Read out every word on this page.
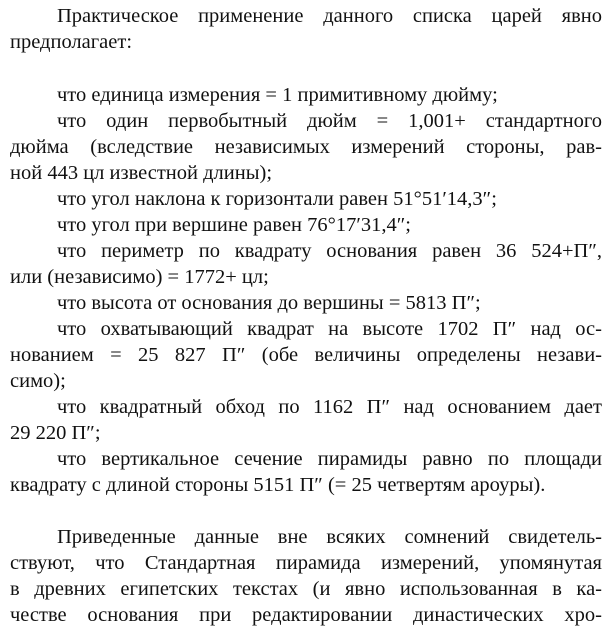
Практическое применение данного списка царей явно
предполагает:
что единица измерения = 1 примитивному дюйму;
что один первобытный дюйм = 1,001+ стандартного
дюйма (вследствие независимых измерений стороны, рав-
ной 443 цл известной длины);
что угол наклона к горизонтали равен 51°51′14,3″;
что угол при вершине равен 76°17′31,4″;
что периметр по квадрату основания равен 36 524+П″,
или (независимо) = 1772+ цл;
что высота от основания до вершины = 5813 П″;
что охватывающий квадрат на высоте 1702 П″ над ос-
нованием = 25 827 П″ (обе величины определены незави-
симо);
что квадратный обход по 1162 П″ над основанием дает
29 220 П″;
что вертикальное сечение пирамиды равно по площади
квадрату с длиной стороны 5151 П″ (= 25 четвертям ароуры).
Приведенные данные вне всяких сомнений свидетель-
ствуют, что Стандартная пирамида измерений, упомянутая
в древних египетских текстах (и явно использованная в ка-
честве основания при редактировании династических хро-
